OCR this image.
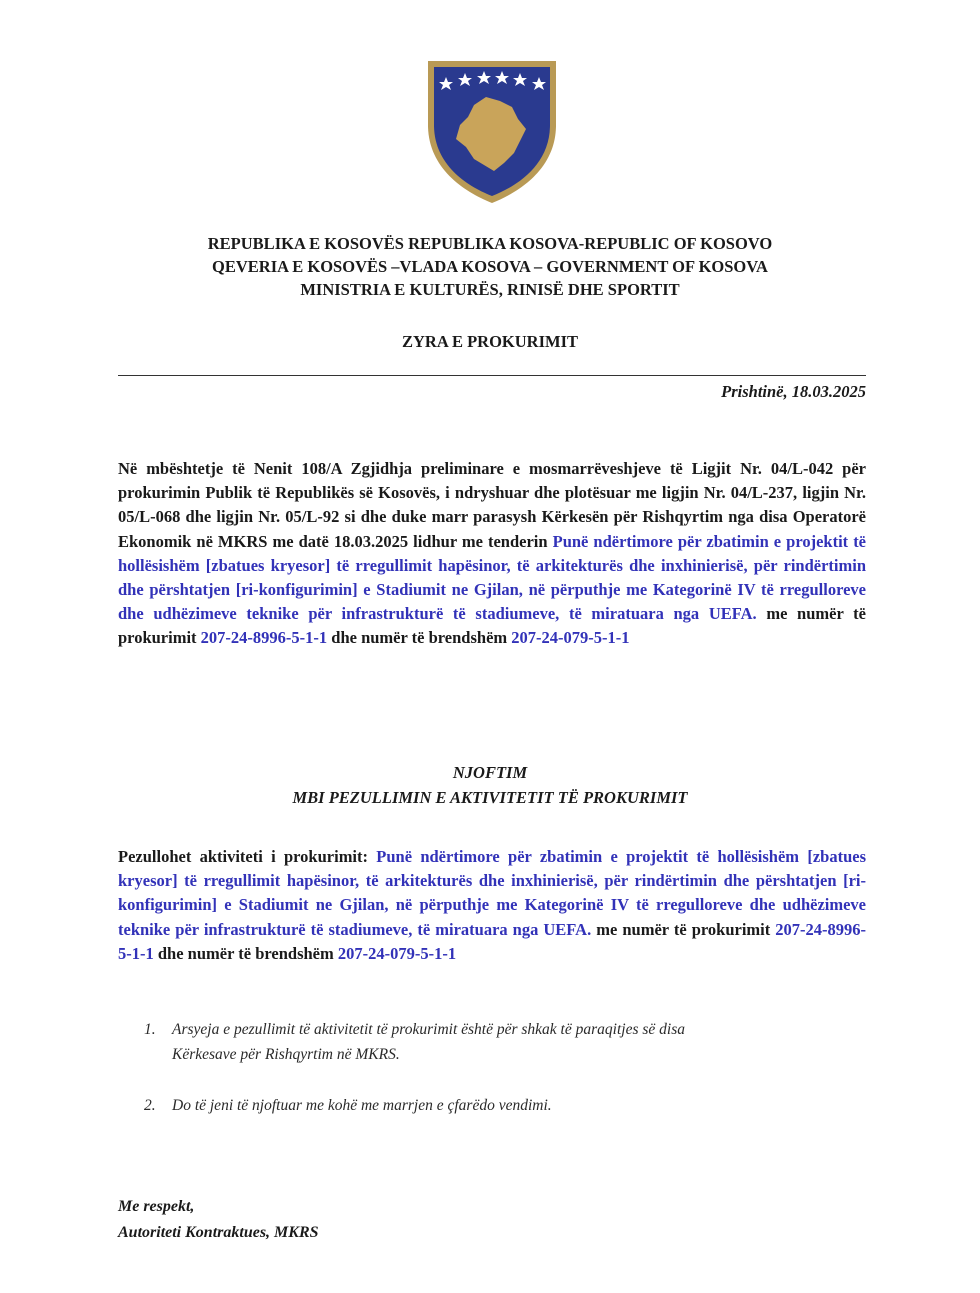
REPUBLIKA E KOSOVËS REPUBLIKA KOSOVA-REPUBLIC OF KOSOVO
QEVERIA E KOSOVËS –VLADA KOSOVA – GOVERNMENT OF KOSOVA
MINISTRIA E KULTURËS, RINISË DHE SPORTIT
ZYRA E PROKURIMIT
Prishtinë, 18.03.2025
Në mbështetje të Nenit 108/A Zgjidhja preliminare e mosmarrëveshjeve të Ligjit Nr. 04/L-042 për prokurimin Publik të Republikës së Kosovës, i ndryshuar dhe plotësuar me ligjin Nr. 04/L-237, ligjin Nr. 05/L-068 dhe ligjin Nr. 05/L-92 si dhe duke marr parasysh Kërkesën për Rishqyrtim nga disa Operatorë Ekonomik në MKRS me datë 18.03.2025 lidhur me tenderin Punë ndërtimore për zbatimin e projektit të hollësishëm [zbatues kryesor] të rregullimit hapësinor, të arkitekturës dhe inxhinierisë, për rindërtimin dhe përshtatjen [ri-konfigurimin] e Stadiumit ne Gjilan, në përputhje me Kategorinë IV të rregulloreve dhe udhëzimeve teknike për infrastrukturë të stadiumeve, të miratuara nga UEFA. me numër të prokurimit 207-24-8996-5-1-1 dhe numër të brendshëm 207-24-079-5-1-1
NJOFTIM
MBI PEZULLIMIN E AKTIVITETIT TË PROKURIMIT
Pezullohet aktiviteti i prokurimit: Punë ndërtimore për zbatimin e projektit të hollësishëm [zbatues kryesor] të rregullimit hapësinor, të arkitekturës dhe inxhinierisë, për rindërtimin dhe përshtatjen [ri-konfigurimin] e Stadiumit ne Gjilan, në përputhje me Kategorinë IV të rregulloreve dhe udhëzimeve teknike për infrastrukturë të stadiumeve, të miratuara nga UEFA. me numër të prokurimit 207-24-8996-5-1-1 dhe numër të brendshëm 207-24-079-5-1-1
1. Arsyeja e pezullimit të aktivitetit të prokurimit është për shkak të paraqitjes së disa
Kërkesave për Rishqyrtim në MKRS.
2. Do të jeni të njoftuar me kohë me marrjen e çfarëdo vendimi.
Me respekt,
Autoriteti Kontraktues, MKRS
